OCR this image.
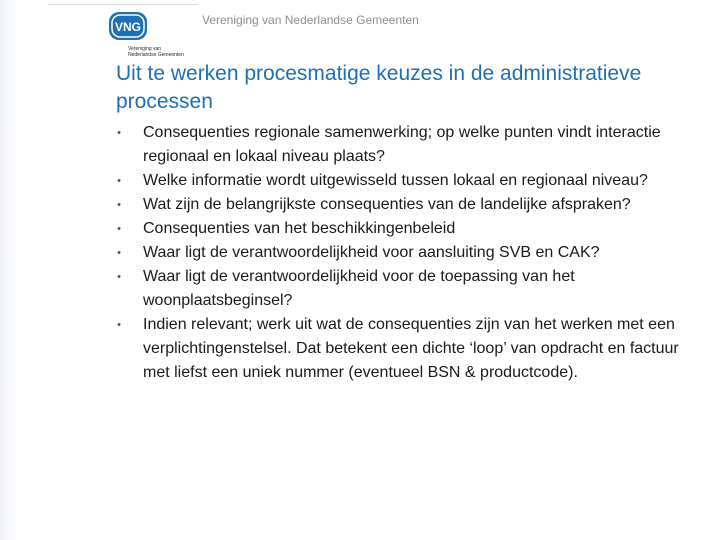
VNG
Vereniging van
Nederlandse Gemeenten
Vereniging van Nederlandse Gemeenten
Uit te werken procesmatige keuzes in de administratieve processen
• Consequenties regionale samenwerking; op welke punten vindt interactie regionaal en lokaal niveau plaats?
• Welke informatie wordt uitgewisseld tussen lokaal en regionaal niveau?
• Wat zijn de belangrijkste consequenties van de landelijke afspraken?
• Consequenties van het beschikkingenbeleid
• Waar ligt de verantwoordelijkheid voor aansluiting SVB en CAK?
• Waar ligt de verantwoordelijkheid voor de toepassing van het woonplaatsbeginsel?
• Indien relevant; werk uit wat de consequenties zijn van het werken met een verplichtingenstelsel. Dat betekent een dichte ‘loop’ van opdracht en factuur met liefst een uniek nummer (eventueel BSN & productcode).
